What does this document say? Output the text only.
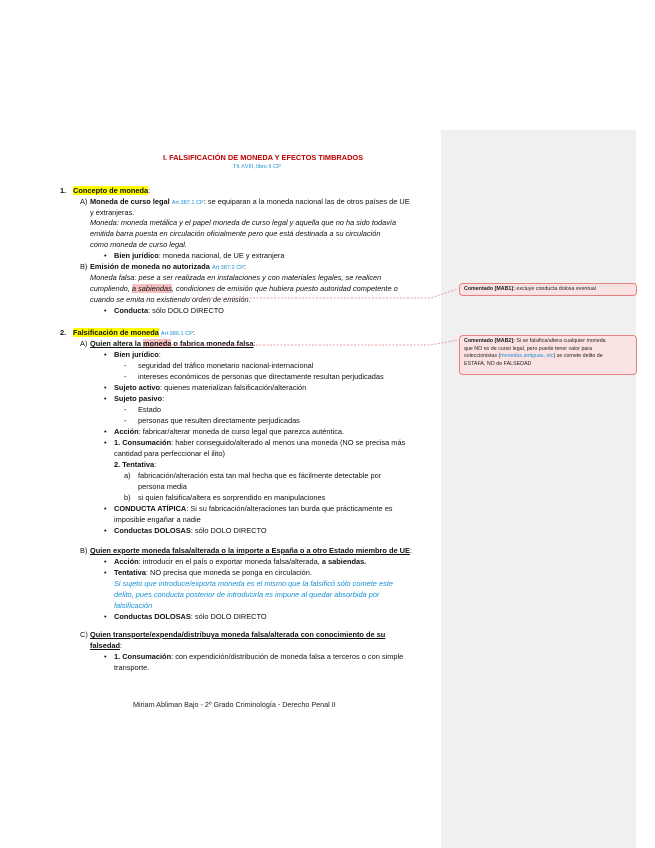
I. FALSIFICACIÓN DE MONEDA Y EFECTOS TIMBRADOS
Tít XVIII, libro II CP
1. Concepto de moneda:
A) Moneda de curso legal Art 387.1 CP: se equiparan a la moneda nacional las de otros países de UE
y extranjeras.
Moneda: moneda metálica y el papel moneda de curso legal y aquella que no ha sido todavía
emitida barra puesta en circulación oficialmente pero que está destinada a su circulación
como moneda de curso legal.
• Bien jurídico: moneda nacional, de UE y extranjera
B) Emisión de moneda no autorizada Art 387.2 CP:
Moneda falsa: pese a ser realizada en instalaciones y con materiales legales, se realicen
cumpliendo, a sabiendas, condiciones de emisión que hubiera puesto autoridad competente o
cuando se emita no existiendo orden de emisión.
• Conducta: sólo DOLO DIRECTO
2. Falsificación de moneda Art 386.1 CP:
A) Quien altera la moneda o fabrica moneda falsa:
• Bien jurídico:
- seguridad del tráfico monetario nacional-internacional
- intereses económicos de personas que directamente resultan perjudicadas
• Sujeto activo: quienes materializan falsificación/alteración
• Sujeto pasivo:
- Estado
- personas que resulten directamente perjudicadas
• Acción: fabricar/alterar moneda de curso legal que parezca auténtica.
• 1. Consumación: haber conseguido/alterado al menos una moneda (NO se precisa más
cantidad para perfeccionar el ilito)
2. Tentativa:
a) fabricación/alteración esta tan mal hecha que es fácilmente detectable por
persona media
b) si quien falsifica/altera es sorprendido en manipulaciones
• CONDUCTA ATÍPICA: Si su fabricación/alteraciones tan burda que prácticamente es
imposible engañar a nadie
• Conductas DOLOSAS: sólo DOLO DIRECTO
B) Quien exporte moneda falsa/alterada o la importe a España o a otro Estado miembro de UE:
• Acción: introducir en el país o exportar moneda falsa/alterada, a sabiendas.
• Tentativa: NO precisa que moneda se ponga en circulación.
Si sujeto que introduce/exporta moneda es el mismo que la falsificó sólo comete este
delito, pues conducta posterior de introducirla es impune al quedar absorbida por
falsificación
• Conductas DOLOSAS: sólo DOLO DIRECTO
C) Quien transporte/expenda/distribuya moneda falsa/alterada con conocimiento de su
falsedad:
• 1. Consumación: con expendición/distribución de moneda falsa a terceros o con simple
transporte.
Miriam Abliman Bajo - 2º Grado Criminología - Derecho Penal II
Comentado [MAB1]: excluye conducta dolosa eventual
Comentado [MAB2]: Si se falsifica/altera cualquier moneda
que NO es de curso legal, pero puede tener valor para
coleccionistas (monedas antiguas, etc) se comete delito de
ESTAFA, NO de FALSEDAD
